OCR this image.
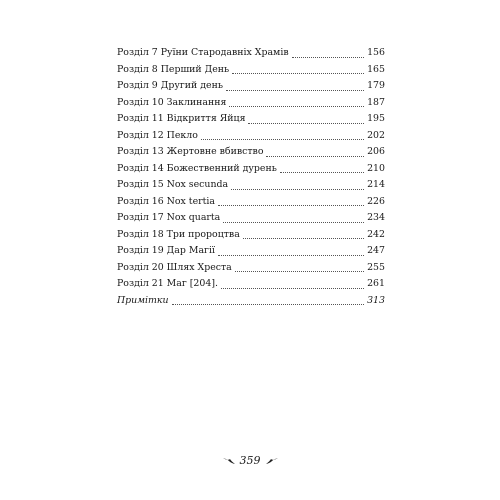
Розділ 7 Руїни Стародавніх Храмів	156
Розділ 8 Перший День	165
Розділ 9 Другий день	179
Розділ 10 Заклинання	187
Розділ 11 Відкриття Яйця	195
Розділ 12 Пекло	202
Розділ 13 Жертовне вбивство	206
Розділ 14 Божественний дурень	210
Розділ 15 Nox secunda	214
Розділ 16 Nox tertia	226
Розділ 17 Nox quarta	234
Розділ 18 Три пророцтва	242
Розділ 19 Дар Магії	247
Розділ 20 Шлях Хреста	255
Розділ 21 Маг [204].	261
Примітки	313
359
